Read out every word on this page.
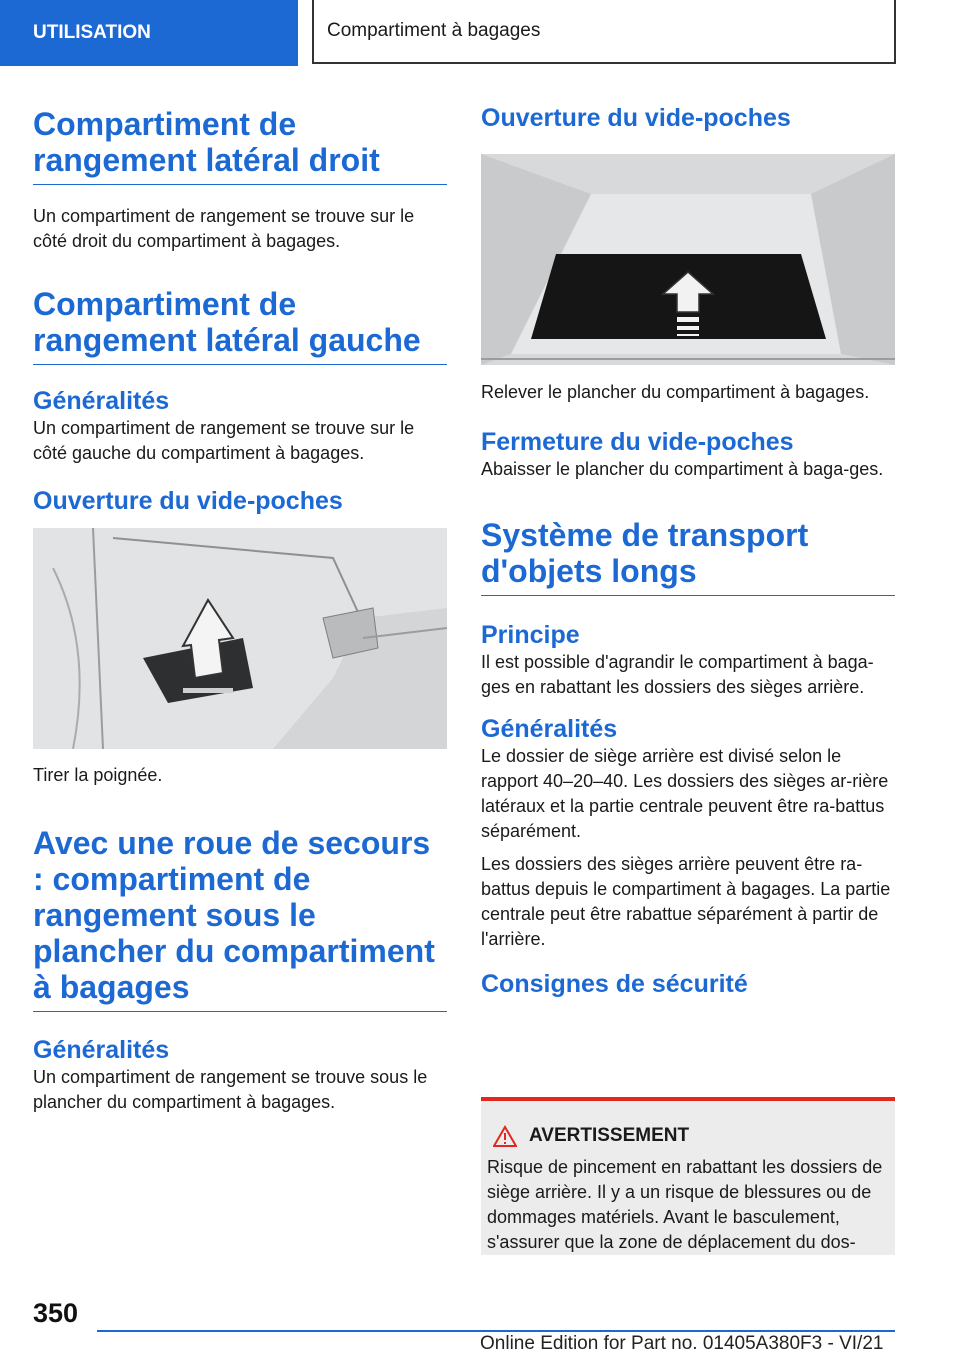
UTILISATION	Compartiment à bagages
Compartiment de rangement latéral droit

Un compartiment de rangement se trouve sur le côté droit du compartiment à bagages.

Compartiment de rangement latéral gauche
Généralités

Un compartiment de rangement se trouve sur le côté gauche du compartiment à bagages.

Ouverture du vide-poches

Tirer la poignée.

Avec une roue de secours : compartiment de rangement sous le plancher du compartiment à bagages
Généralités

Un compartiment de rangement se trouve sous le plancher du compartiment à bagages.

Ouverture du vide-poches

Relever le plancher du compartiment à bagages.

Fermeture du vide-poches

Abaisser le plancher du compartiment à baga-ges.

Système de transport d'objets longs
Principe

Il est possible d'agrandir le compartiment à baga-ges en rabattant les dossiers des sièges arrière.

Généralités

Le dossier de siège arrière est divisé selon le rapport 40–20–40. Les dossiers des sièges ar-rière latéraux et la partie centrale peuvent être ra-battus séparément.

Les dossiers des sièges arrière peuvent être ra-battus depuis le compartiment à bagages. La partie centrale peut être rabattue séparément à partir de l'arrière.

Consignes de sécurité
AVERTISSEMENT

Risque de pincement en rabattant les dossiers de siège arrière. Il y a un risque de blessures ou de dommages matériels. Avant le basculement, s'assurer que la zone de déplacement du dos-

350
Online Edition for Part no. 01405A380F3 - VI/21
